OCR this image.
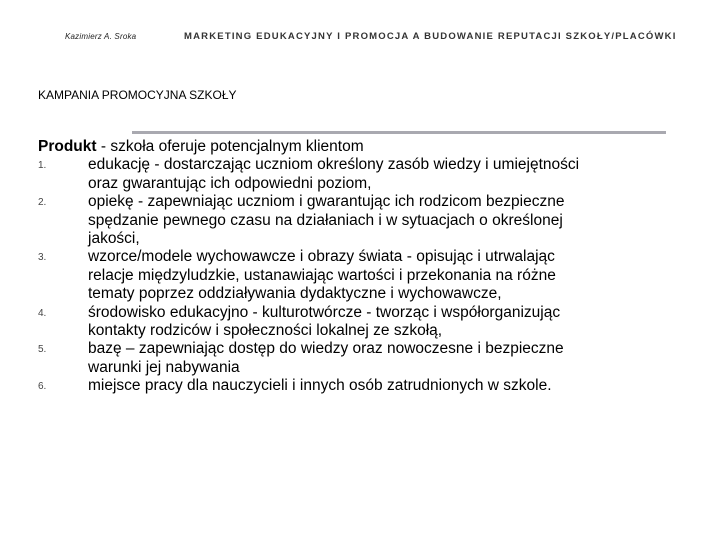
Kazimierz A. Sroka	MARKETING EDUKACYJNY I PROMOCJA A BUDOWANIE REPUTACJI SZKOŁY/PLACÓWKI
KAMPANIA PROMOCYJNA SZKOŁY

Produkt - szkoła oferuje potencjalnym klientom

1.	edukację - dostarczając uczniom określony zasób wiedzy i umiejętności
oraz gwarantując ich odpowiedni poziom,
2.	opiekę - zapewniając uczniom i gwarantując ich rodzicom bezpieczne
spędzanie pewnego czasu na działaniach i w sytuacjach o określonej
jakości,
3.	wzorce/modele wychowawcze i obrazy świata - opisując i utrwalając
relacje międzyludzkie, ustanawiając wartości i przekonania na różne
tematy poprzez oddziaływania dydaktyczne i wychowawcze,
4.	środowisko edukacyjno - kulturotwórcze - tworząc i współorganizując
kontakty rodziców i społeczności lokalnej ze szkołą,
5.	bazę – zapewniając dostęp do wiedzy oraz nowoczesne i bezpieczne
warunki jej nabywania
6.	miejsce pracy dla nauczycieli i innych osób zatrudnionych w szkole.
